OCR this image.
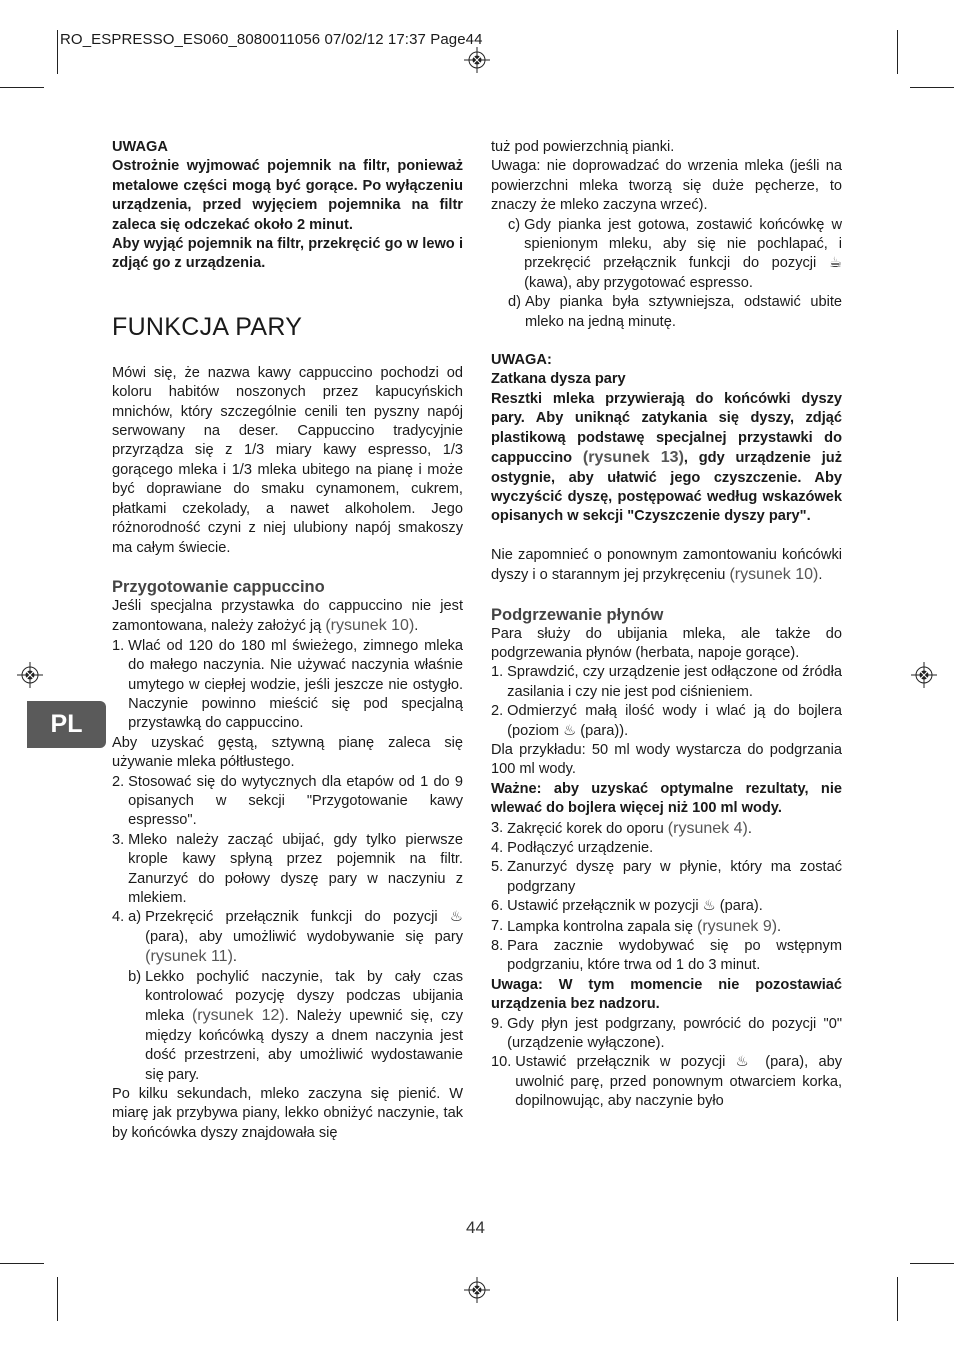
RO_ESPRESSO_ES060_8080011056 07/02/12 17:37 Page44
PL

UWAGA

Ostrożnie wyjmować pojemnik na filtr, ponieważ metalowe części mogą być gorące. Po wyłączeniu urządzenia, przed wyjęciem pojemnika na filtr zaleca się odczekać około 2 minut.

Aby wyjąć pojemnik na filtr, przekręcić go w lewo i zdjąć go z urządzenia.

FUNKCJA PARY

Mówi się, że nazwa kawy cappuccino pochodzi od koloru habitów noszonych przez kapucyńskich mnichów, który szczególnie cenili ten pyszny napój serwowany na deser. Cappuccino tradycyjnie przyrządza się z 1/3 miary kawy espresso, 1/3 gorącego mleka i 1/3 mleka ubitego na pianę i może być doprawiane do smaku cynamonem, cukrem, płatkami czekolady, a nawet alkoholem. Jego różnorodność czyni z niej ulubiony napój smakoszy ma całym świecie.

Przygotowanie cappuccino

Jeśli specjalna przystawka do cappuccino nie jest zamontowana, należy założyć ją (rysunek 10).

1. Wlać od 120 do 180 ml świeżego, zimnego mleka do małego naczynia. Nie używać naczynia właśnie umytego w ciepłej wodzie, jeśli jeszcze nie ostygło. Naczynie powinno mieścić się pod specjalną przystawką do cappuccino.

Aby uzyskać gęstą, sztywną pianę zaleca się używanie mleka półtłustego.

2. Stosować się do wytycznych dla etapów od 1 do 9 opisanych w sekcji "Przygotowanie kawy espresso".
3. Mleko należy zacząć ubijać, gdy tylko pierwsze krople kawy spłyną przez pojemnik na filtr. Zanurzyć do połowy dyszę pary w naczyniu z mlekiem.
4. a) Przekręcić przełącznik funkcji do pozycji ♨ (para), aby umożliwić wydobywanie się pary (rysunek 11).
b) Lekko pochylić naczynie, tak by cały czas kontrolować pozycję dyszy podczas ubijania mleka (rysunek 12). Należy upewnić się, czy między końcówką dyszy a dnem naczynia jest dość przestrzeni, aby umożliwić wydostawanie się pary.

Po kilku sekundach, mleko zaczyna się pienić. W miarę jak przybywa piany, lekko obniżyć naczynie, tak by końcówka dyszy znajdowała się

tuż pod powierzchnią pianki.

Uwaga: nie doprowadzać do wrzenia mleka (jeśli na powierzchni mleka tworzą się duże pęcherze, to znaczy że mleko zaczyna wrzeć).

c) Gdy pianka jest gotowa, zostawić końcówkę w spienionym mleku, aby się nie pochlapać, i przekręcić przełącznik funkcji do pozycji ☕(kawa), aby przygotować espresso.
d) Aby pianka była sztywniejsza, odstawić ubite mleko na jedną minutę.

UWAGA:

Zatkana dysza pary

Resztki mleka przywierają do końcówki dyszy pary. Aby uniknąć zatykania się dyszy, zdjąć plastikową podstawę specjalnej przystawki do cappuccino (rysunek 13), gdy urządzenie już ostygnie, aby ułatwić jego czyszczenie. Aby wyczyścić dyszę, postępować według wskazówek opisanych w sekcji "Czyszczenie dyszy pary".

Nie zapomnieć o ponownym zamontowaniu końcówki dyszy i o starannym jej przykręceniu (rysunek 10).

Podgrzewanie płynów

Para służy do ubijania mleka, ale także do podgrzewania płynów (herbata, napoje gorące).

1. Sprawdzić, czy urządzenie jest odłączone od źródła zasilania i czy nie jest pod ciśnieniem.
2. Odmierzyć małą ilość wody i wlać ją do bojlera (poziom ♨ (para)).

Dla przykładu: 50 ml wody wystarcza do podgrzania 100 ml wody.

Ważne: aby uzyskać optymalne rezultaty, nie wlewać do bojlera więcej niż 100 ml wody.

3. Zakręcić korek do oporu (rysunek 4).
4. Podłączyć urządzenie.
5. Zanurzyć dyszę pary w płynie, który ma zostać podgrzany
6. Ustawić przełącznik w pozycji ♨ (para).
7. Lampka kontrolna zapala się (rysunek 9).
8. Para zacznie wydobywać się po wstępnym podgrzaniu, które trwa od 1 do 3 minut.

Uwaga: W tym momencie nie pozostawiać urządzenia bez nadzoru.

9. Gdy płyn jest podgrzany, powrócić do pozycji "0" (urządzenie wyłączone).
10. Ustawić przełącznik w pozycji ♨ (para), aby uwolnić parę, przed ponownym otwarciem korka, dopilnowując, aby naczynie było
44
